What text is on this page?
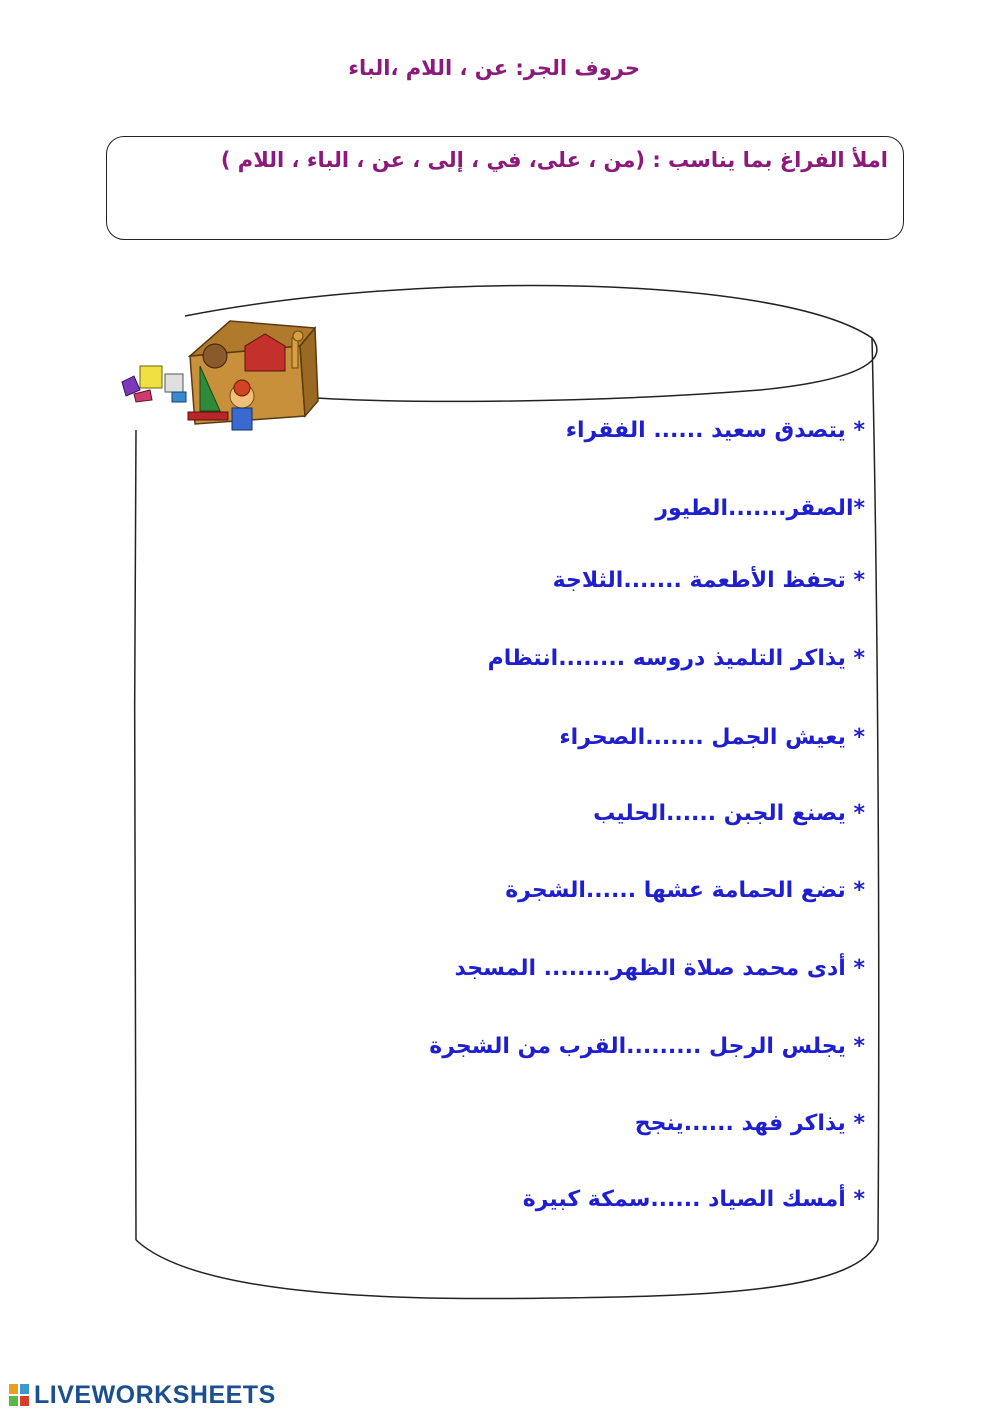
حروف الجر: عن ، اللام ،الباء
املأ الفراغ بما يناسب : (من ، على، في ، إلى ، عن ، الباء ، اللام )
* يتصدق سعيد ...... الفقراء
*الصقر.......الطيور
* تحفظ الأطعمة .......الثلاجة
* يذاكر التلميذ دروسه ........انتظام
* يعيش الجمل .......الصحراء
* يصنع الجبن ......الحليب
* تضع الحمامة عشها ......الشجرة
* أدى محمد صلاة الظهر........ المسجد
* يجلس الرجل .........القرب من الشجرة
* يذاكر فهد ......ينجح
* أمسك الصياد ......سمكة كبيرة
LIVEWORKSHEETS
